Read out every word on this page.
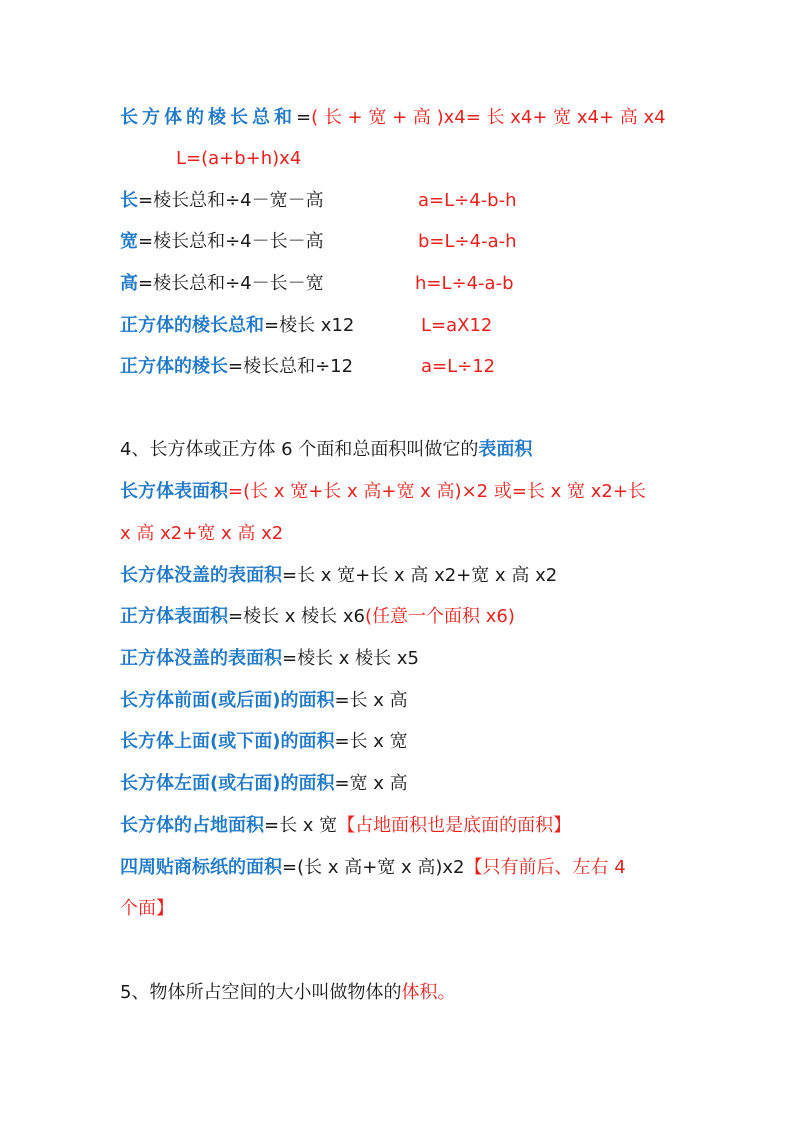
长方体的棱长总和=( 长 + 宽 + 高 )x4= 长 x4+ 宽 x4+ 高 x4
L=(a+b+h)x4
长=棱长总和÷4－宽－高	a=L÷4-b-h
宽=棱长总和÷4－长－高	b=L÷4-a-h
高=棱长总和÷4－长－宽	h=L÷4-a-b
正方体的棱长总和=棱长 x12	L=aX12
正方体的棱长=棱长总和÷12	a=L÷12
4、长方体或正方体 6 个面和总面积叫做它的表面积
长方体表面积=(长 x 宽+长 x 高+宽 x 高)×2 或=长 x 宽 x2+长
x 高 x2+宽 x 高 x2
长方体没盖的表面积=长 x 宽+长 x 高 x2+宽 x 高 x2
正方体表面积=棱长 x 棱长 x6(任意一个面积 x6)
正方体没盖的表面积=棱长 x 棱长 x5
长方体前面(或后面)的面积=长 x 高
长方体上面(或下面)的面积=长 x 宽
长方体左面(或右面)的面积=宽 x 高
长方体的占地面积=长 x 宽【占地面积也是底面的面积】
四周贴商标纸的面积=(长 x 高+宽 x 高)x2【只有前后、左右 4
个面】
5、物体所占空间的大小叫做物体的体积。
